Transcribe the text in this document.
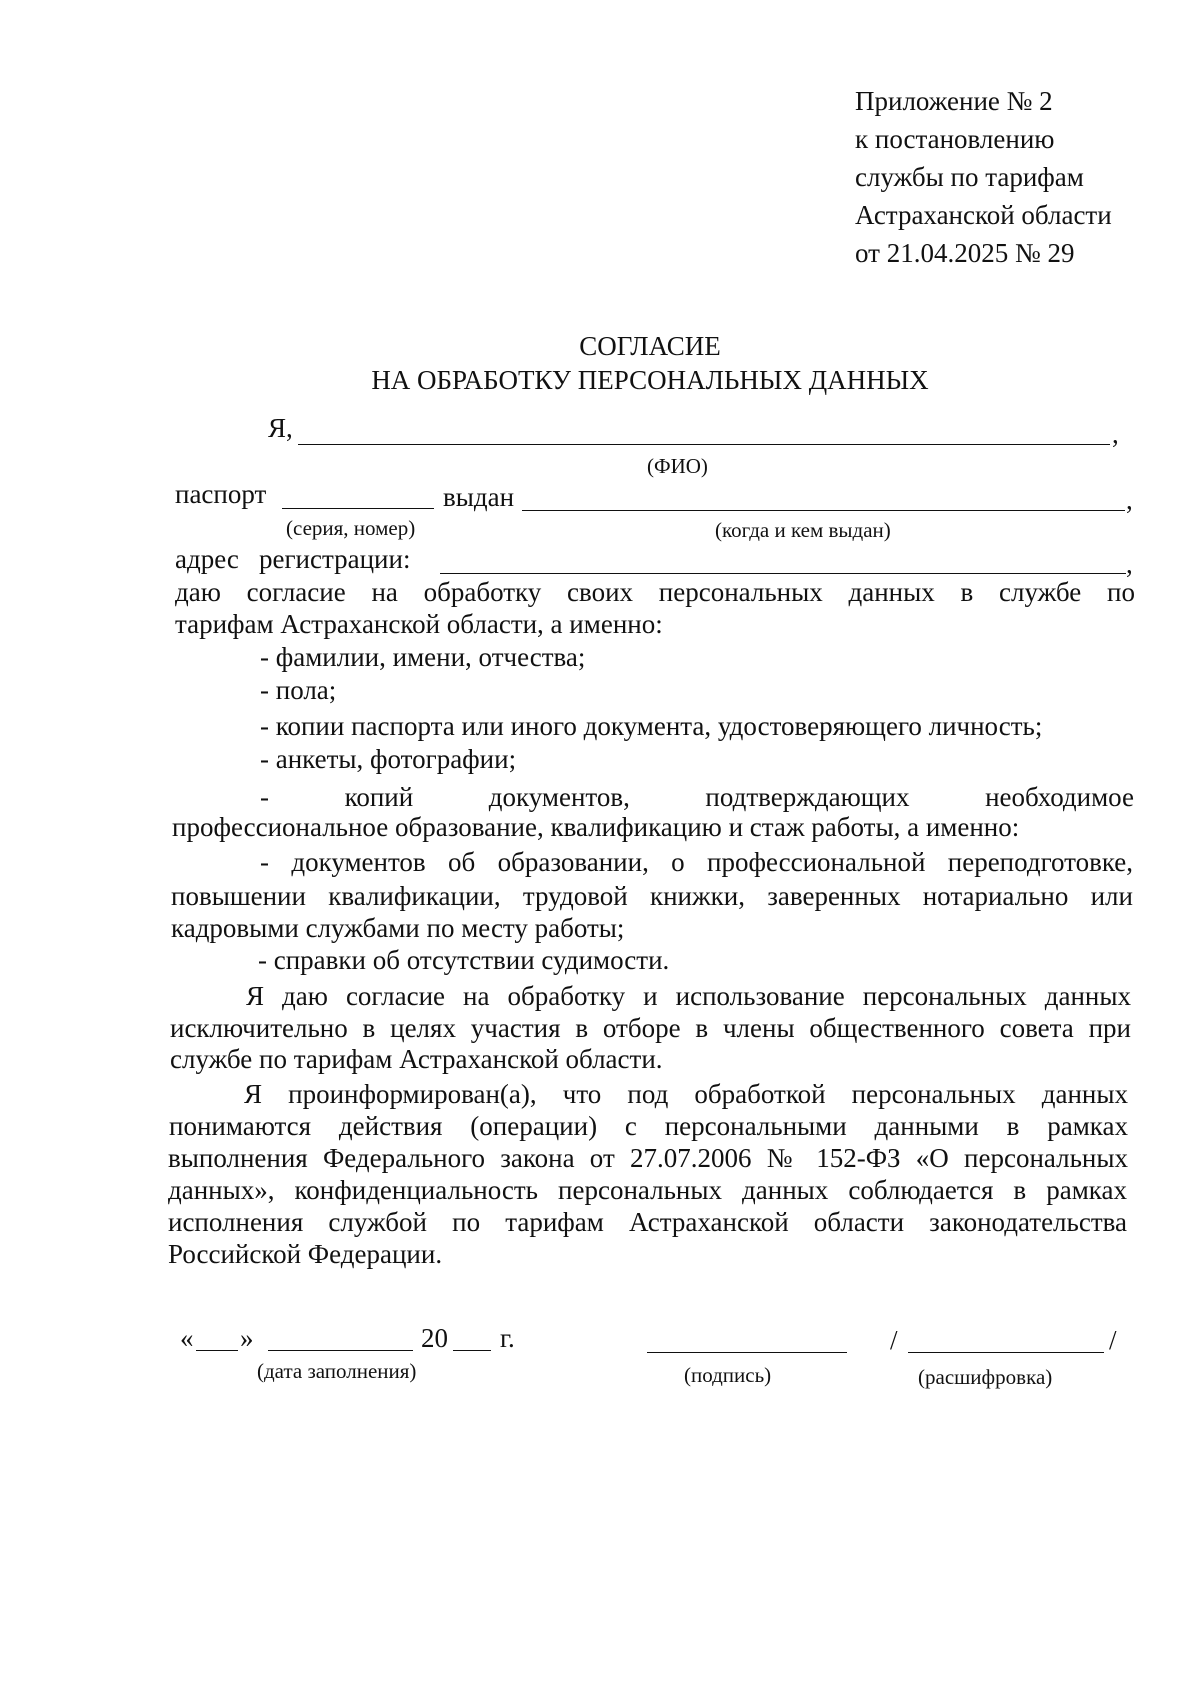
Приложение № 2
к постановлению
службы по тарифам
Астраханской области
от 21.04.2025 № 29
СОГЛАСИЕ
НА ОБРАБОТКУ ПЕРСОНАЛЬНЫХ ДАННЫХ
Я,	,
(ФИО)
паспорт	выдан	,
(серия, номер)	(когда и кем выдан)
адрес регистрации:	,
даю согласие на обработку своих персональных данных в службе по
тарифам Астраханской области, а именно:
- фамилии, имени, отчества;
- пола;
- копии паспорта или иного документа, удостоверяющего личность;
- анкеты, фотографии;
- копий документов, подтверждающих необходимое
профессиональное образование, квалификацию и стаж работы, а именно:
- документов об образовании, о профессиональной переподготовке,
повышении квалификации, трудовой книжки, заверенных нотариально или
кадровыми службами по месту работы;
- справки об отсутствии судимости.
Я даю согласие на обработку и использование персональных данных
исключительно в целях участия в отборе в члены общественного совета при
службе по тарифам Астраханской области.
Я проинформирован(а), что под обработкой персональных данных
понимаются действия (операции) с персональными данными в рамках
выполнения Федерального закона от 27.07.2006 № 152-ФЗ «О персональных
данных», конфиденциальность персональных данных соблюдается в рамках
исполнения службой по тарифам Астраханской области законодательства
Российской Федерации.
« »	20 г.	/	/
(дата заполнения)	(подпись)	(расшифровка)
